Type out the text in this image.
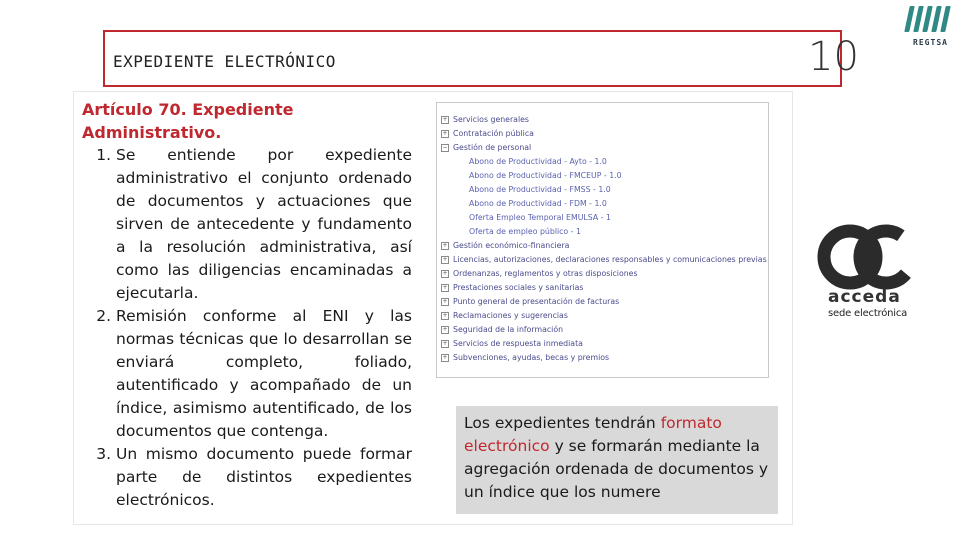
EXPEDIENTE ELECTRÓNICO	10	REGTSA
Artículo 70. Expediente Administrativo.
1. Se entiende por expediente administrativo el conjunto ordenado de documentos y actuaciones que sirven de antecedente y fundamento a la resolución administrativa, así como las diligencias encaminadas a ejecutarla.
2. Remisión conforme al ENI y las normas técnicas que lo desarrollan se enviará completo, foliado, autentificado y acompañado de un índice, asimismo autentificado, de los documentos que contenga.
3. Un mismo documento puede formar parte de distintos expedientes electrónicos.
+ Servicios generales
+ Contratación pública
− Gestión de personal
Abono de Productividad - Ayto - 1.0
Abono de Productividad - FMCEUP - 1.0
Abono de Productividad - FMSS - 1.0
Abono de Productividad - FDM - 1.0
Oferta Empleo Temporal EMULSA - 1
Oferta de empleo público - 1
+ Gestión económico-financiera
+ Licencias, autorizaciones, declaraciones responsables y comunicaciones previas
+ Ordenanzas, reglamentos y otras disposiciones
+ Prestaciones sociales y sanitarias
+ Punto general de presentación de facturas
+ Reclamaciones y sugerencias
+ Seguridad de la información
+ Servicios de respuesta inmediata
+ Subvenciones, ayudas, becas y premios
acceda
sede electrónica
Los expedientes tendrán formato electrónico y se formarán mediante la agregación ordenada de documentos y un índice que los numere
